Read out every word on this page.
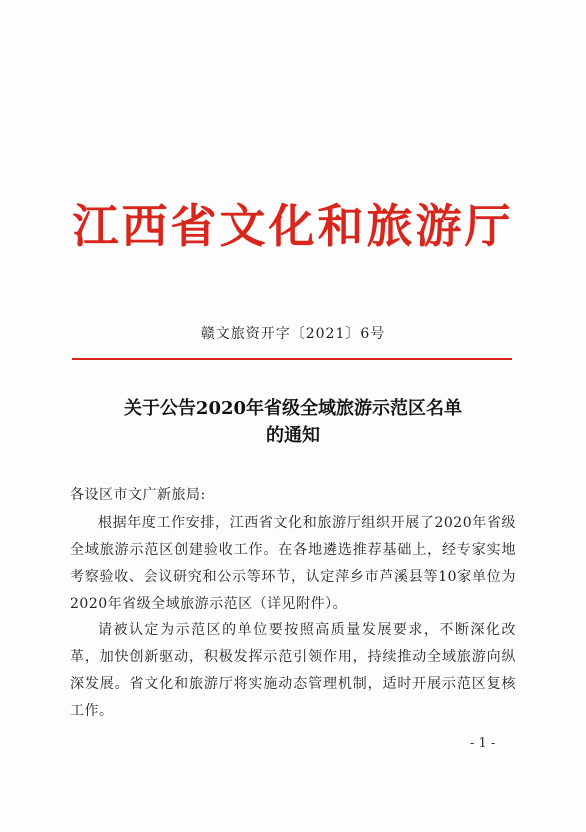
江西省文化和旅游厅
赣文旅资开字〔2021〕6号
关于公告2020年省级全域旅游示范区名单
的通知
各设区市文广新旅局:

根据年度工作安排，江西省文化和旅游厅组织开展了2020年省级全域旅游示范区创建验收工作。在各地遴选推荐基础上，经专家实地考察验收、会议研究和公示等环节，认定萍乡市芦溪县等10家单位为2020年省级全域旅游示范区（详见附件）。

请被认定为示范区的单位要按照高质量发展要求，不断深化改革，加快创新驱动，积极发挥示范引领作用，持续推动全域旅游向纵深发展。省文化和旅游厅将实施动态管理机制，适时开展示范区复核工作。

- 1 -
